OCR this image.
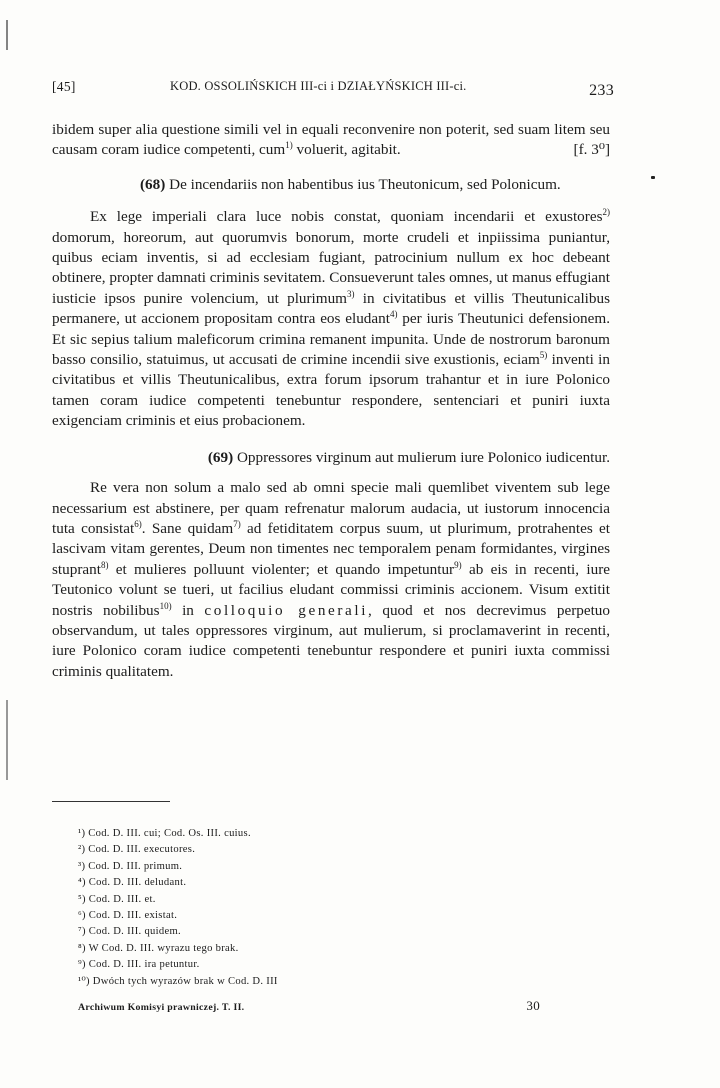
[45]	KOD. OSSOLIŃSKICH III-ci i DZIAŁYŃSKICH III-ci.	233

ibidem super alia questione simili vel in equali reconvenire non poterit, sed suam litem seu causam coram iudice competenti, cum$^{1)}$ voluerit, agitabit.	[f. 3⁰]

(68) De incendariis non habentibus ius Theutonicum, sed Polonicum.

Ex lege imperiali clara luce nobis constat, quoniam incendarii et exustores$^{2)}$ domorum, horeorum, aut quorumvis bonorum, morte crudeli et inpiissima puniantur, quibus eciam inventis, si ad ecclesiam fugiant, patrocinium nullum ex hoc debeant obtinere, propter damnati criminis sevitatem. Consueverunt tales omnes, ut manus effugiant iusticie ipsos punire volencium, ut plurimum$^{3)}$ in civitatibus et villis Theutunicalibus permanere, ut accionem propositam contra eos eludant$^{4)}$ per iuris Theutunici defensionem. Et sic sepius talium maleficorum crimina remanent impunita. Unde de nostrorum baronum basso consilio, statuimus, ut accusati de crimine incendii sive exustionis, eciam$^{5)}$ inventi in civitatibus et villis Theutunicalibus, extra forum ipsorum trahantur et in iure Polonico tamen coram iudice competenti tenebuntur respondere, sentenciari et puniri iuxta exigenciam criminis et eius probacionem.

(69) Oppressores virginum aut mulierum iure Polonico iudicentur.

Re vera non solum a malo sed ab omni specie mali quemlibet viventem sub lege necessarium est abstinere, per quam refrenatur malorum audacia, ut iustorum innocencia tuta consistat$^{6)}$. Sane quidam$^{7)}$ ad fetiditatem corpus suum, ut plurimum, protrahentes et lascivam vitam gerentes, Deum non timentes nec temporalem penam formidantes, virgines stuprant$^{8)}$ et mulieres polluunt violenter; et quando impetuntur$^{9)}$ ab eis in recenti, iure Teutonico volunt se tueri, ut facilius eludant commissi criminis accionem. Visum extitit nostris nobilibus$^{10)}$ in colloquio generali, quod et nos decrevimus perpetuo observandum, ut tales oppressores virginum, aut mulierum, si proclamaverint in recenti, iure Polonico coram iudice competenti tenebuntur respondere et puniri iuxta commissi criminis qualitatem.

¹) Cod. D. III. cui; Cod. Os. III. cuius.
²) Cod. D. III. executores.
³) Cod. D. III. primum.
⁴) Cod. D. III. deludant.
⁵) Cod. D. III. et.
⁶) Cod. D. III. existat.
⁷) Cod. D. III. quidem.
⁸) W Cod. D. III. wyrazu tego brak.
⁹) Cod. D. III. ira petuntur.
¹⁰) Dwóch tych wyrazów brak w Cod. D. III
Archiwum Komisyi prawniczej. T. II.	30
